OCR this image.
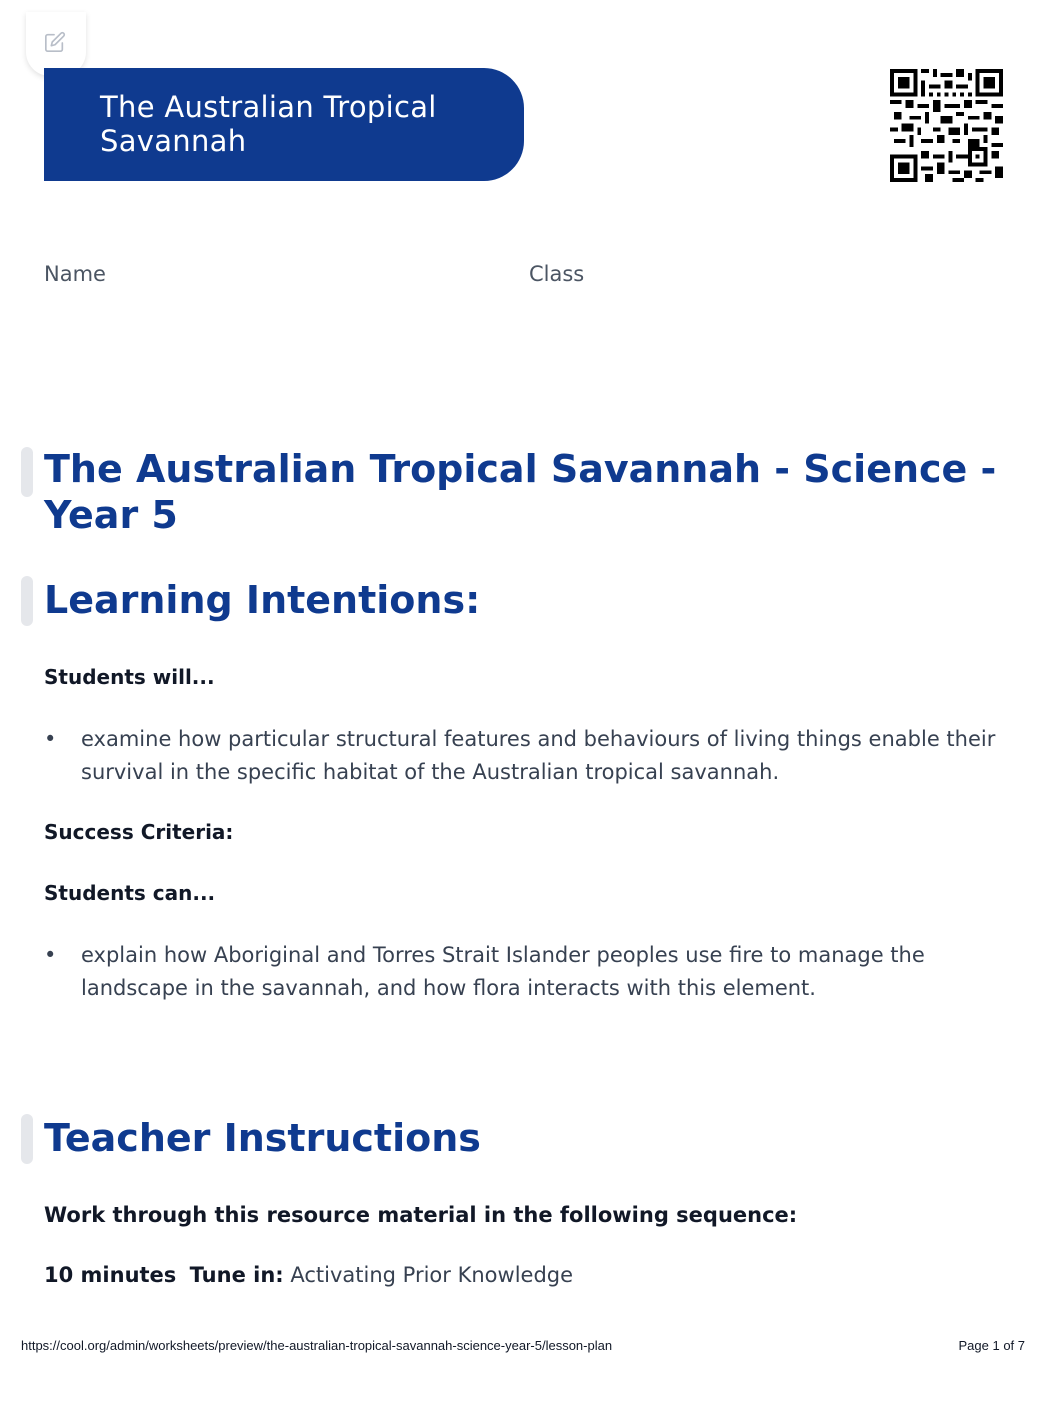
The Australian Tropical Savannah
Name	Class
The Australian Tropical Savannah - Science - Year 5
Learning Intentions:
Students will...
• examine how particular structural features and behaviours of living things enable their survival in the specific habitat of the Australian tropical savannah.
Success Criteria:
Students can...
• explain how Aboriginal and Torres Strait Islander peoples use fire to manage the landscape in the savannah, and how flora interacts with this element.
Teacher Instructions
Work through this resource material in the following sequence:
10 minutes Tune in: Activating Prior Knowledge
https://cool.org/admin/worksheets/preview/the-australian-tropical-savannah-science-year-5/lesson-plan	Page 1 of 7
